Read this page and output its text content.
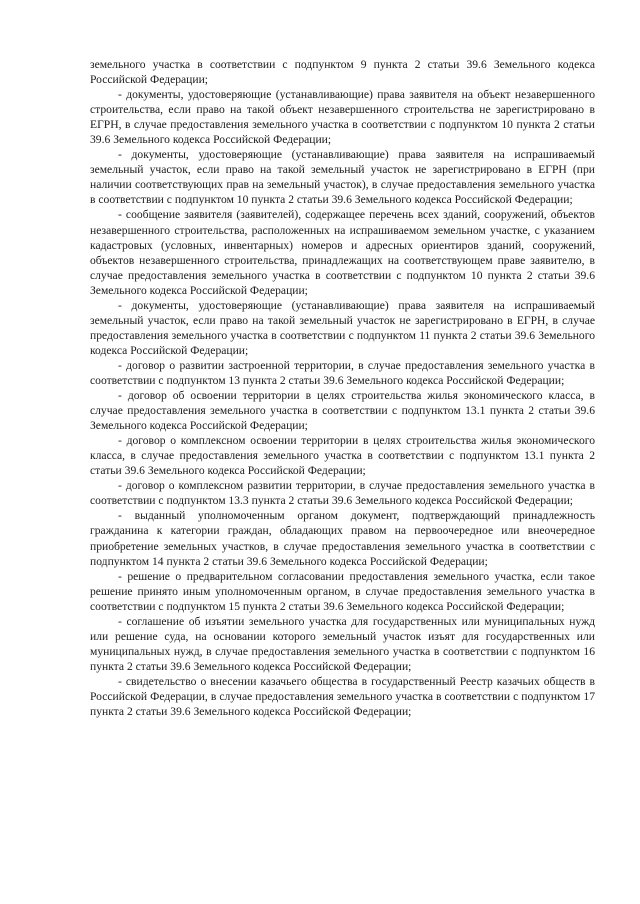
земельного участка в соответствии с подпунктом 9 пункта 2 статьи 39.6 Земельного кодекса Российской Федерации;

- документы, удостоверяющие (устанавливающие) права заявителя на объект незавершенного строительства, если право на такой объект незавершенного строительства не зарегистрировано в ЕГРН, в случае предоставления земельного участка в соответствии с подпунктом 10 пункта 2 статьи 39.6 Земельного кодекса Российской Федерации;

- документы, удостоверяющие (устанавливающие) права заявителя на испрашиваемый земельный участок, если право на такой земельный участок не зарегистрировано в ЕГРН (при наличии соответствующих прав на земельный участок), в случае предоставления земельного участка в соответствии с подпунктом 10 пункта 2 статьи 39.6 Земельного кодекса Российской Федерации;

- сообщение заявителя (заявителей), содержащее перечень всех зданий, сооружений, объектов незавершенного строительства, расположенных на испрашиваемом земельном участке, с указанием кадастровых (условных, инвентарных) номеров и адресных ориентиров зданий, сооружений, объектов незавершенного строительства, принадлежащих на соответствующем праве заявителю, в случае предоставления земельного участка в соответствии с подпунктом 10 пункта 2 статьи 39.6 Земельного кодекса Российской Федерации;

- документы, удостоверяющие (устанавливающие) права заявителя на испрашиваемый земельный участок, если право на такой земельный участок не зарегистрировано в ЕГРН, в случае предоставления земельного участка в соответствии с подпунктом 11 пункта 2 статьи 39.6 Земельного кодекса Российской Федерации;

- договор о развитии застроенной территории, в случае предоставления земельного участка в соответствии с подпунктом 13 пункта 2 статьи 39.6 Земельного кодекса Российской Федерации;

- договор об освоении территории в целях строительства жилья экономического класса, в случае предоставления земельного участка в соответствии с подпунктом 13.1 пункта 2 статьи 39.6 Земельного кодекса Российской Федерации;

- договор о комплексном освоении территории в целях строительства жилья экономического класса, в случае предоставления земельного участка в соответствии с подпунктом 13.1 пункта 2 статьи 39.6 Земельного кодекса Российской Федерации;

- договор о комплексном развитии территории, в случае предоставления земельного участка в соответствии с подпунктом 13.3 пункта 2 статьи 39.6 Земельного кодекса Российской Федерации;

- выданный уполномоченным органом документ, подтверждающий принадлежность гражданина к категории граждан, обладающих правом на первоочередное или внеочередное приобретение земельных участков, в случае предоставления земельного участка в соответствии с подпунктом 14 пункта 2 статьи 39.6 Земельного кодекса Российской Федерации;

- решение о предварительном согласовании предоставления земельного участка, если такое решение принято иным уполномоченным органом, в случае предоставления земельного участка в соответствии с подпунктом 15 пункта 2 статьи 39.6 Земельного кодекса Российской Федерации;

- соглашение об изъятии земельного участка для государственных или муниципальных нужд или решение суда, на основании которого земельный участок изъят для государственных или муниципальных нужд, в случае предоставления земельного участка в соответствии с подпунктом 16 пункта 2 статьи 39.6 Земельного кодекса Российской Федерации;

- свидетельство о внесении казачьего общества в государственный Реестр казачьих обществ в Российской Федерации, в случае предоставления земельного участка в соответствии с подпунктом 17 пункта 2 статьи 39.6 Земельного кодекса Российской Федерации;
